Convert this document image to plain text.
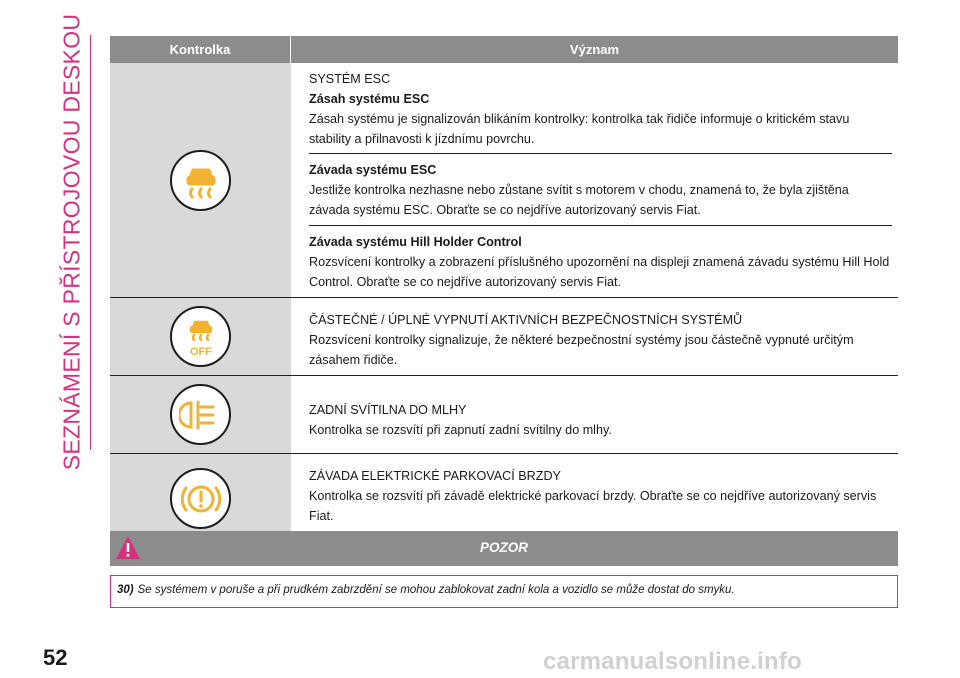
SEZNÁMENÍ S PŘÍSTROJOVOU DESKOU	Kontrolka	Význam
SYSTÉM ESC
Zásah systému ESC
Zásah systému je signalizován blikáním kontrolky: kontrolka tak řidiče informuje o kritickém stavu stability a přilnavosti k jízdnímu povrchu.
Závada systému ESC
Jestliže kontrolka nezhasne nebo zůstane svítit s motorem v chodu, znamená to, že byla zjištěna závada systému ESC. Obraťte se co nejdříve autorizovaný servis Fiat.
Závada systému Hill Holder Control
Rozsvícení kontrolky a zobrazení příslušného upozornění na displeji znamená závadu systému Hill Hold Control. Obraťte se co nejdříve autorizovaný servis Fiat.
OFF
ČÁSTEČNÉ / ÚPLNÉ VYPNUTÍ AKTIVNÍCH BEZPEČNOSTNÍCH SYSTÉMŮ
Rozsvícení kontrolky signalizuje, že některé bezpečnostní systémy jsou částečně vypnuté určitým zásahem řidiče.
ZADNÍ SVÍTILNA DO MLHY
Kontrolka se rozsvítí při zapnutí zadní svítilny do mlhy.
ZÁVADA ELEKTRICKÉ PARKOVACÍ BRZDY
Kontrolka se rozsvítí při závadě elektrické parkovací brzdy. Obraťte se co nejdříve autorizovaný servis Fiat.
POZOR
30) Se systémem v poruše a při prudkém zabrzdění se mohou zablokovat zadní kola a vozidlo se může dostat do smyku.
52	carmanualsonline.info
